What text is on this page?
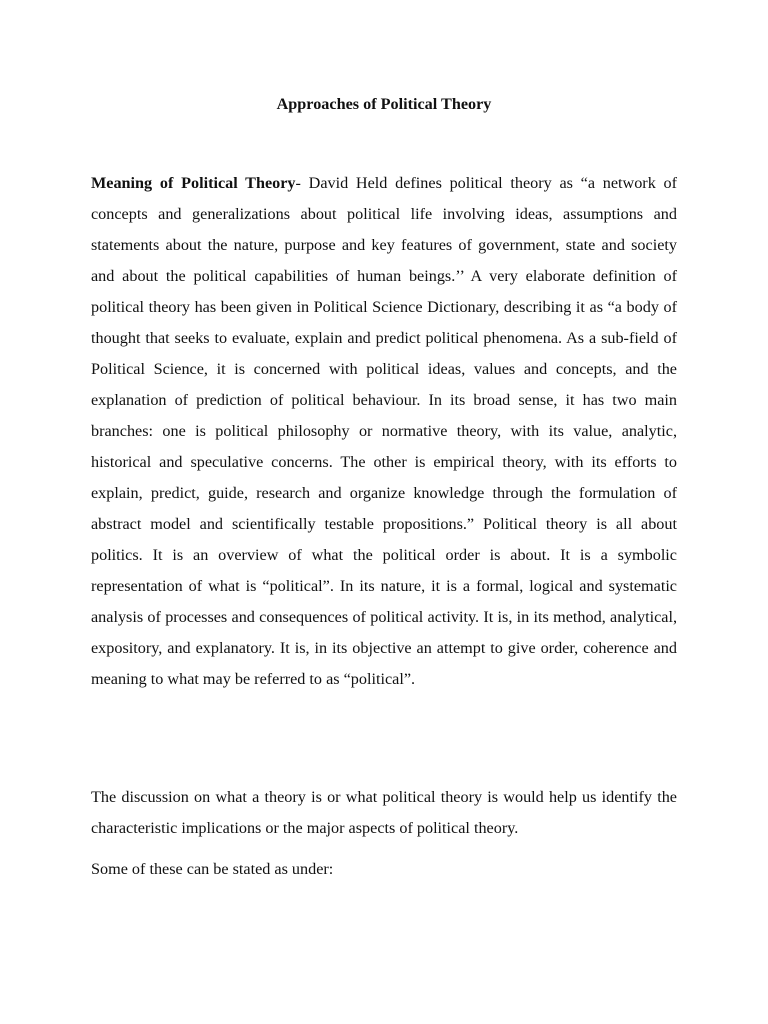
Approaches of Political Theory

Meaning of Political Theory- David Held defines political theory as “a network of concepts and generalizations about political life involving ideas, assumptions and statements about the nature, purpose and key features of government, state and society and about the political capabilities of human beings.’’ A very elaborate definition of political theory has been given in Political Science Dictionary, describing it as “a body of thought that seeks to evaluate, explain and predict political phenomena. As a sub-field of Political Science, it is concerned with political ideas, values and concepts, and the explanation of prediction of political behaviour. In its broad sense, it has two main branches: one is political philosophy or normative theory, with its value, analytic, historical and speculative concerns. The other is empirical theory, with its efforts to explain, predict, guide, research and organize knowledge through the formulation of abstract model and scientifically testable propositions.” Political theory is all about politics. It is an overview of what the political order is about. It is a symbolic representation of what is “political”. In its nature, it is a formal, logical and systematic analysis of processes and consequences of political activity. It is, in its method, analytical, expository, and explanatory. It is, in its objective an attempt to give order, coherence and meaning to what may be referred to as “political”.

The discussion on what a theory is or what political theory is would help us identify the characteristic implications or the major aspects of political theory.

Some of these can be stated as under:
